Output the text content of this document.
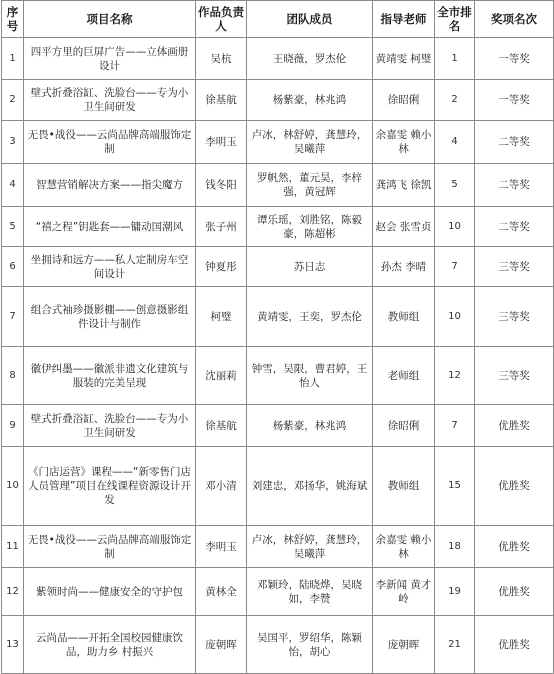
序号	项目名称	作品负责人	团队成员	指导老师	全市排名	奖项名次
1	四平方里的巨屏广告——立体画册设计	吴杭	王晓薇，罗杰伦	黄靖雯 柯璧	1	一等奖
2	壁式折叠浴缸、洗脸台——专为小卫生间研发	徐基航	杨紫豪，林兆鸿	徐昭俐	2	一等奖
3	无畏•战役——云尚品牌高端服饰定制	李明玉	卢冰，林舒婷，龚慧玲，吴曦萍	余嘉雯 赖小林	4	二等奖
4	智慧营销解决方案——指尖魔方	钱冬阳	罗帆然，董元昊，李梓强，黄冠辉	龚鸿飞 徐凯	5	二等奖
5	“禧之程”钥匙套——镛动国潮风	张子州	谭乐瑶，刘胜铭，陈毅豪，陈超彬	赵会 张雪贞	10	二等奖
6	坐拥诗和远方——私人定制房车空间设计	钟夏彤	苏日志	孙杰 李晴	7	三等奖
7	组合式袖珍摄影棚——创意摄影组件设计与制作	柯璧	黄靖雯，王奕，罗杰伦	教师组	10	三等奖
8	徽伊纠墨——徽派非遗文化建筑与服装的完美呈现	沈丽莉	钟雪，吴限，曹君婷，王怡人	老师组	12	三等奖
9	壁式折叠浴缸、洗脸台——专为小卫生间研发	徐基航	杨紫豪，林兆鸿	徐昭俐	7	优胜奖
10	《门店运营》课程——“新零售门店人员管理”项目在线课程资源设计开发	邓小清	刘建忠，邓扬华，姚海斌	教师组	15	优胜奖
11	无畏•战役——云尚品牌高端服饰定制	李明玉	卢冰，林舒婷，龚慧玲，吴曦萍	余嘉雯 赖小林	18	优胜奖
12	紫领时尚——健康安全的守护包	黄林全	邓颖玲，陆晓烨，吴晓如，李赞	李新闻 黄才岭	19	优胜奖
13	云尚品——开拓全国校园健康饮品，助力乡 村振兴	庞朝晖	吴国平，罗绍华，陈颖怡，胡心	庞朝晖	21	优胜奖
